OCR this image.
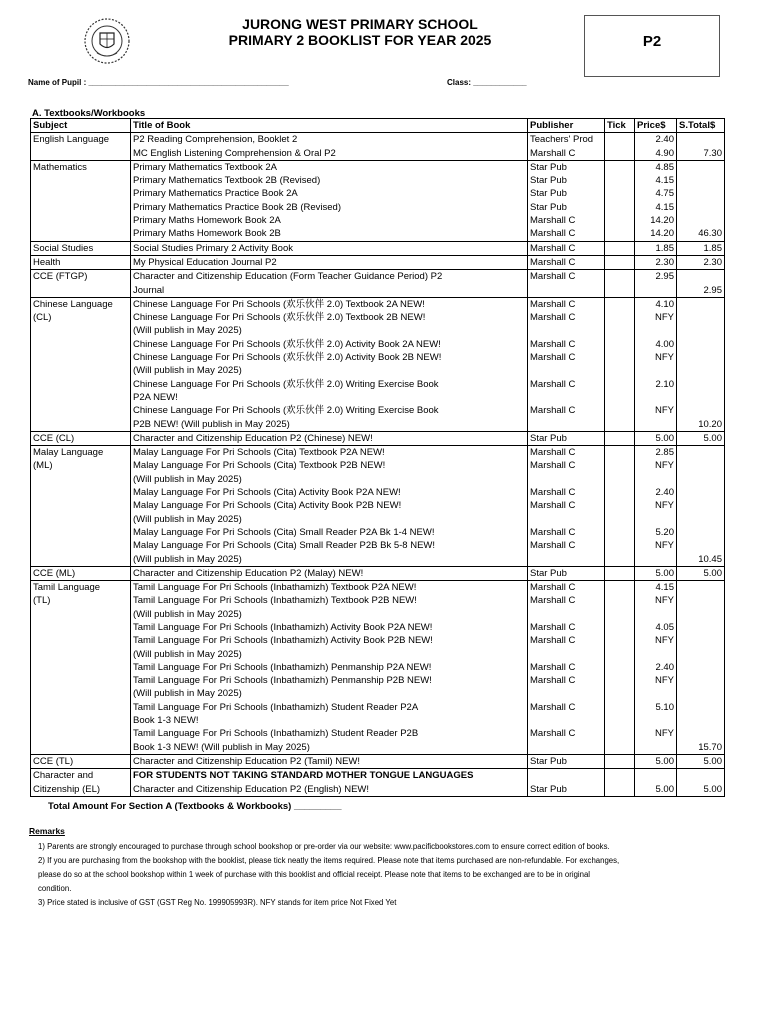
JURONG WEST PRIMARY SCHOOL
PRIMARY 2 BOOKLIST FOR YEAR 2025	P2
Name of Pupil : _____________________________________________	Class: ____________
A. Textbooks/Workbooks
Subject	Title of Book	Publisher	Tick	Price$	S.Total$
English Language	P2 Reading Comprehension, Booklet 2	Teachers' Prod		2.40	
	MC English Listening Comprehension & Oral P2	Marshall C		4.90	7.30
Mathematics	Primary Mathematics Textbook 2A	Star Pub		4.85	
	Primary Mathematics Textbook 2B (Revised)	Star Pub		4.15	
	Primary Mathematics Practice Book 2A	Star Pub		4.75	
	Primary Mathematics Practice Book 2B (Revised)	Star Pub		4.15	
	Primary Maths Homework Book 2A	Marshall C		14.20	
	Primary Maths Homework Book 2B	Marshall C		14.20	46.30
Social Studies	Social Studies Primary 2 Activity Book	Marshall C		1.85	1.85
Health	My Physical Education Journal P2	Marshall C		2.30	2.30
CCE (FTGP)	Character and Citizenship Education (Form Teacher Guidance Period) P2	Marshall C		2.95	
	Journal				2.95
Chinese Language	Chinese Language For Pri Schools (欢乐伙伴 2.0) Textbook 2A NEW!	Marshall C		4.10	
(CL)	Chinese Language For Pri Schools (欢乐伙伴 2.0) Textbook 2B NEW!	Marshall C		NFY	
	(Will publish in May 2025)				
	Chinese Language For Pri Schools (欢乐伙伴 2.0) Activity Book 2A NEW!	Marshall C		4.00	
	Chinese Language For Pri Schools (欢乐伙伴 2.0) Activity Book 2B NEW!	Marshall C		NFY	
	(Will publish in May 2025)				
	Chinese Language For Pri Schools (欢乐伙伴 2.0) Writing Exercise Book	Marshall C		2.10	
	P2A NEW!				
	Chinese Language For Pri Schools (欢乐伙伴 2.0) Writing Exercise Book	Marshall C		NFY	
	P2B NEW! (Will publish in May 2025)				10.20
CCE (CL)	Character and Citizenship Education P2 (Chinese) NEW!	Star Pub		5.00	5.00
Malay Language	Malay Language For Pri Schools (Cita) Textbook P2A NEW!	Marshall C		2.85	
(ML)	Malay Language For Pri Schools (Cita) Textbook P2B NEW!	Marshall C		NFY	
	(Will publish in May 2025)				
	Malay Language For Pri Schools (Cita) Activity Book P2A NEW!	Marshall C		2.40	
	Malay Language For Pri Schools (Cita) Activity Book P2B NEW!	Marshall C		NFY	
	(Will publish in May 2025)				
	Malay Language For Pri Schools (Cita) Small Reader P2A Bk 1-4 NEW!	Marshall C		5.20	
	Malay Language For Pri Schools (Cita) Small Reader P2B Bk 5-8 NEW!	Marshall C		NFY	
	(Will publish in May 2025)				10.45
CCE (ML)	Character and Citizenship Education P2 (Malay) NEW!	Star Pub		5.00	5.00
Tamil Language	Tamil Language For Pri Schools (Inbathamizh) Textbook P2A NEW!	Marshall C		4.15	
(TL)	Tamil Language For Pri Schools (Inbathamizh) Textbook P2B NEW!	Marshall C		NFY	
	(Will publish in May 2025)				
	Tamil Language For Pri Schools (Inbathamizh) Activity Book P2A NEW!	Marshall C		4.05	
	Tamil Language For Pri Schools (Inbathamizh) Activity Book P2B NEW!	Marshall C		NFY	
	(Will publish in May 2025)				
	Tamil Language For Pri Schools (Inbathamizh) Penmanship P2A NEW!	Marshall C		2.40	
	Tamil Language For Pri Schools (Inbathamizh) Penmanship P2B NEW!	Marshall C		NFY	
	(Will publish in May 2025)				
	Tamil Language For Pri Schools (Inbathamizh) Student Reader P2A	Marshall C		5.10	
	Book 1-3 NEW!				
	Tamil Language For Pri Schools (Inbathamizh) Student Reader P2B	Marshall C		NFY	
	Book 1-3 NEW! (Will publish in May 2025)				15.70
CCE (TL)	Character and Citizenship Education P2 (Tamil) NEW!	Star Pub		5.00	5.00
Character and	FOR STUDENTS NOT TAKING STANDARD MOTHER TONGUE LANGUAGES				
Citizenship (EL)	Character and Citizenship Education P2 (English) NEW!	Star Pub		5.00	5.00
Total Amount For Section A (Textbooks & Workbooks) _________
Remarks
1) Parents are strongly encouraged to purchase through school bookshop or pre-order via our website: www.pacificbookstores.com to ensure correct edition of books.
2) If you are purchasing from the bookshop with the booklist, please tick neatly the items required. Please note that items purchased are non-refundable. For exchanges,
please do so at the school bookshop within 1 week of purchase with this booklist and official receipt. Please note that items to be exchanged are to be in original
condition.
3) Price stated is inclusive of GST (GST Reg No. 199905993R). NFY stands for item price Not Fixed Yet
